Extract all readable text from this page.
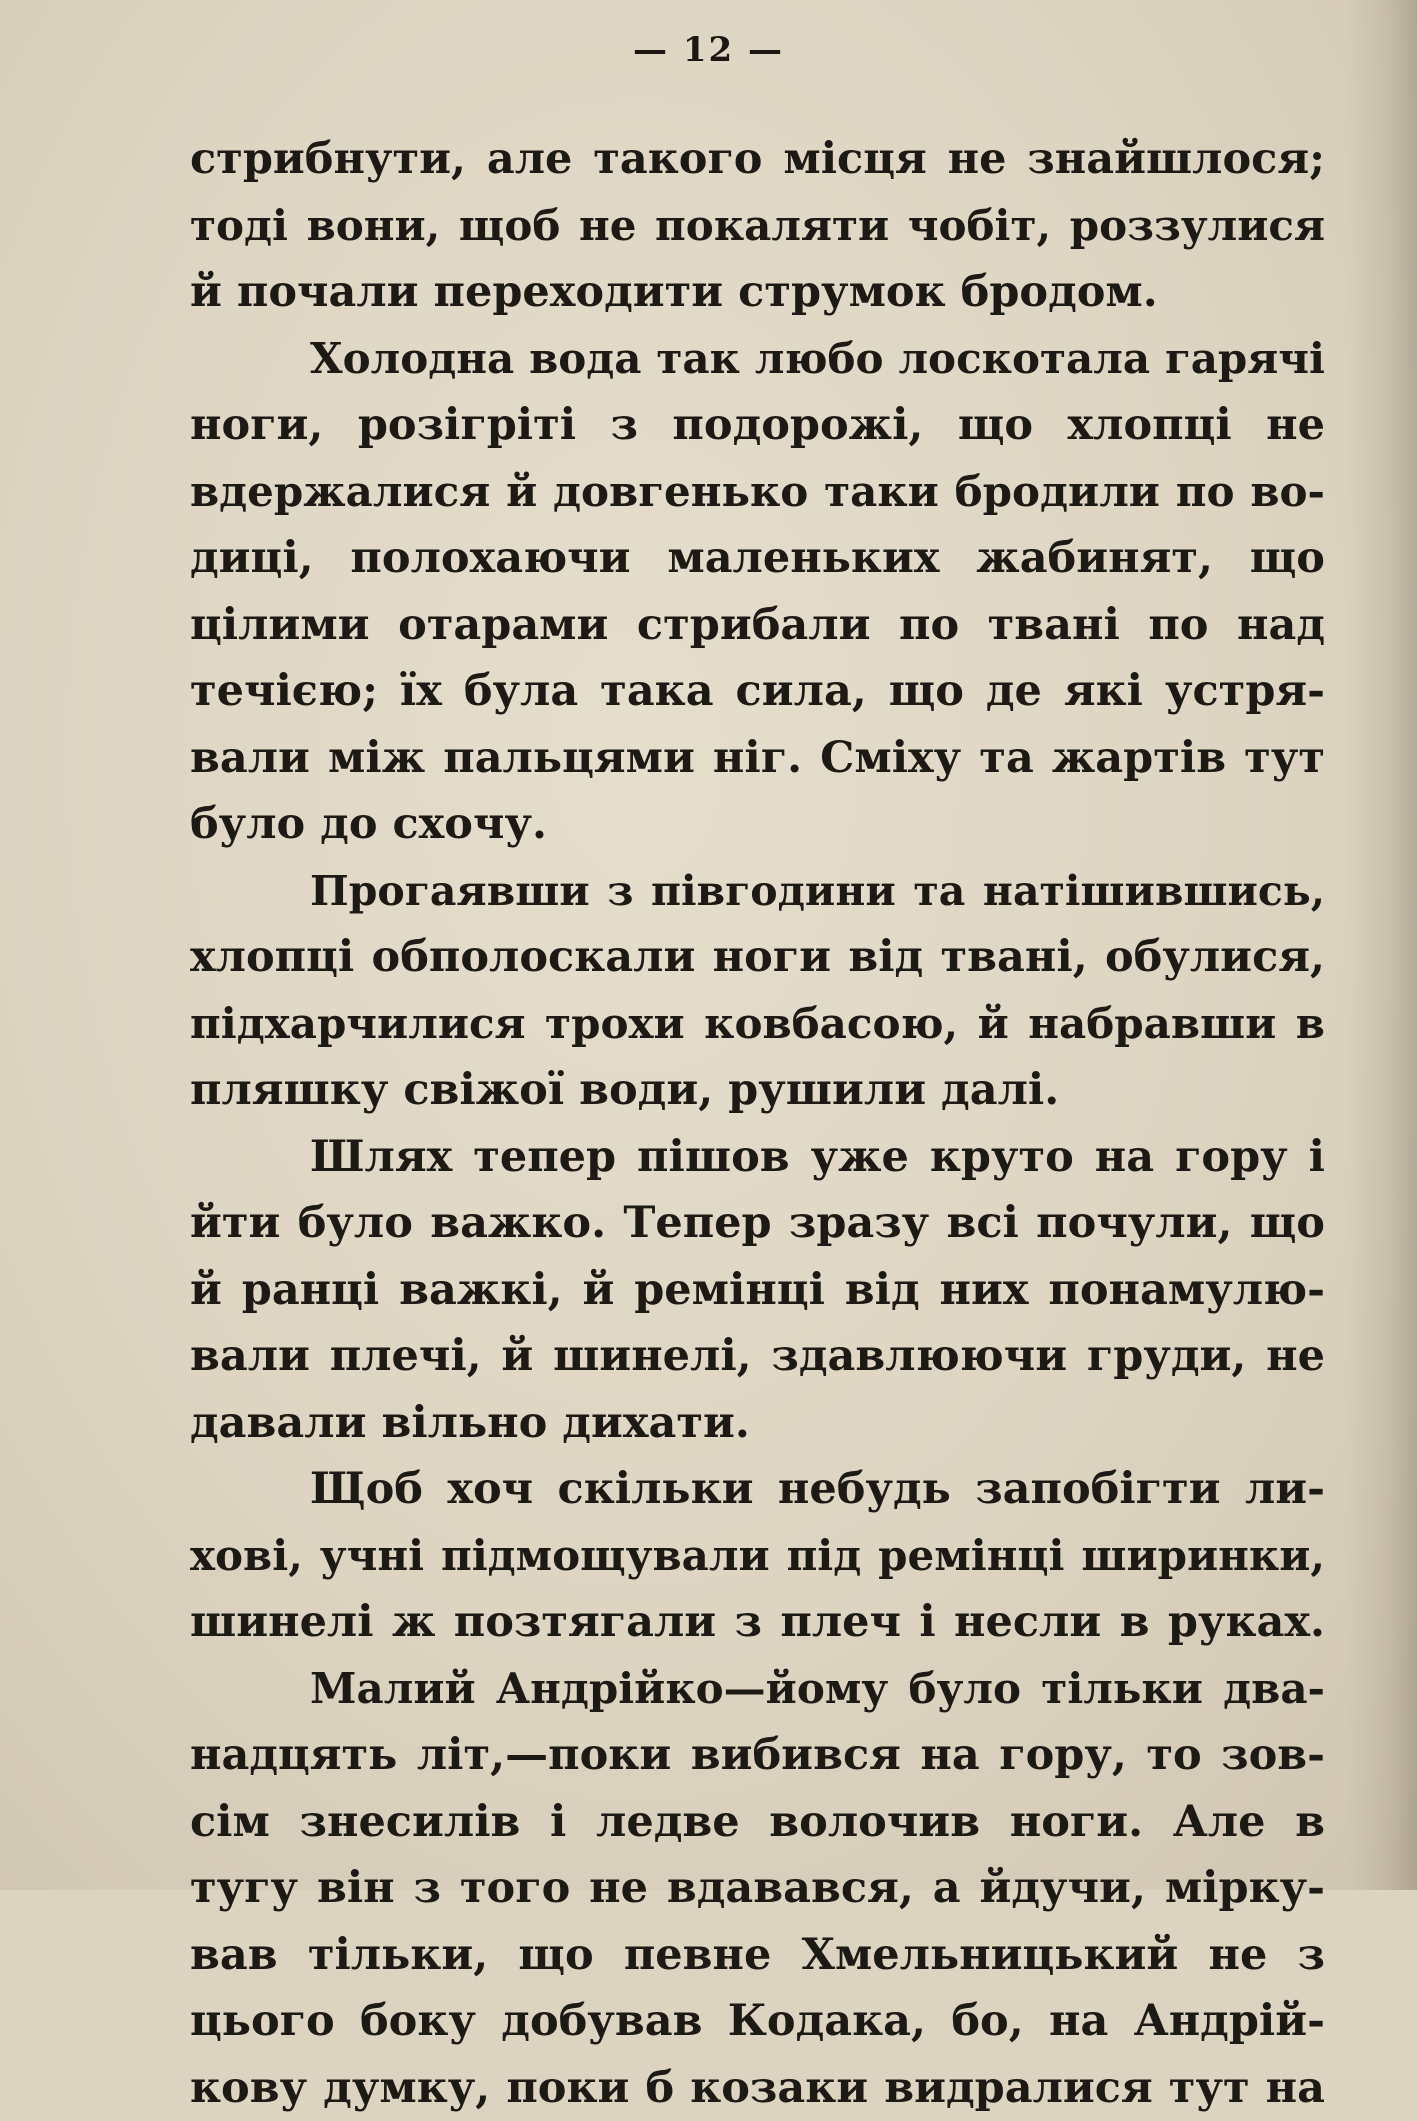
— 12 —
стрибнути, але такого місця не знайшлося;
тоді вони, щоб не покаляти чобіт, роззулися
й почали переходити струмок бродом.
Холодна вода так любо лоскотала гарячі
ноги, розігріті з подорожі, що хлопці не
вдержалися й довгенько таки бродили по во-
диці, полохаючи маленьких жабинят, що
цілими отарами стрибали по твані по над
течією; їх була така сила, що де які устря-
вали між пальцями ніг. Сміху та жартів тут
було до схочу.
Прогаявши з півгодини та натішившись,
хлопці обполоскали ноги від твані, обулися,
підхарчилися трохи ковбасою, й набравши в
пляшку свіжої води, рушили далі.
Шлях тепер пішов уже круто на гору і
йти було важко. Тепер зразу всі почули, що
й ранці важкі, й ремінці від них понамулю-
вали плечі, й шинелі, здавлюючи груди, не
давали вільно дихати.
Щоб хоч скільки небудь запобігти ли-
хові, учні підмощували під ремінці ширинки,
шинелі ж позтягали з плеч і несли в руках.
Малий Андрійко—йому було тільки два-
надцять літ,—поки вибився на гору, то зов-
сім знесилів і ледве волочив ноги. Але в
тугу він з того не вдавався, а йдучи, мірку-
вав тільки, що певне Хмельницький не з
цього боку добував Кодака, бо, на Андрій-
кову думку, поки б козаки видралися тут на
